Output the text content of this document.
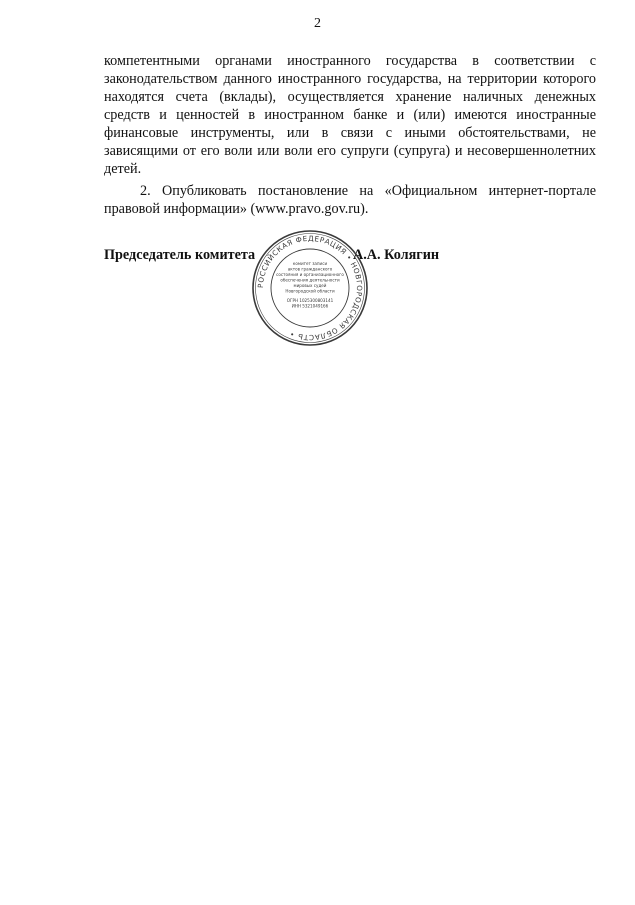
2

компетентными органами иностранного государства в соответствии с законодательством данного иностранного государства, на территории которого находятся счета (вклады), осуществляется хранение наличных денежных средств и ценностей в иностранном банке и (или) имеются иностранные финансовые инструменты, или в связи с иными обстоятельствами, не зависящими от его воли или воли его супруги (супруга) и несовершеннолетних детей.

2. Опубликовать постановление на «Официальном интернет-портале правовой информации» (www.pravo.gov.ru).

Председатель комитета	А.А. Колягин
РОССИЙСКАЯ ФЕДЕРАЦИЯ • НОВГОРОДСКАЯ ОБЛАСТЬ •
комитет записи
актов гражданского
состояния и организационного
обеспечения деятельности
мировых судей
Новгородской области
ОГРН 1025300803141
ИНН 5321049166
